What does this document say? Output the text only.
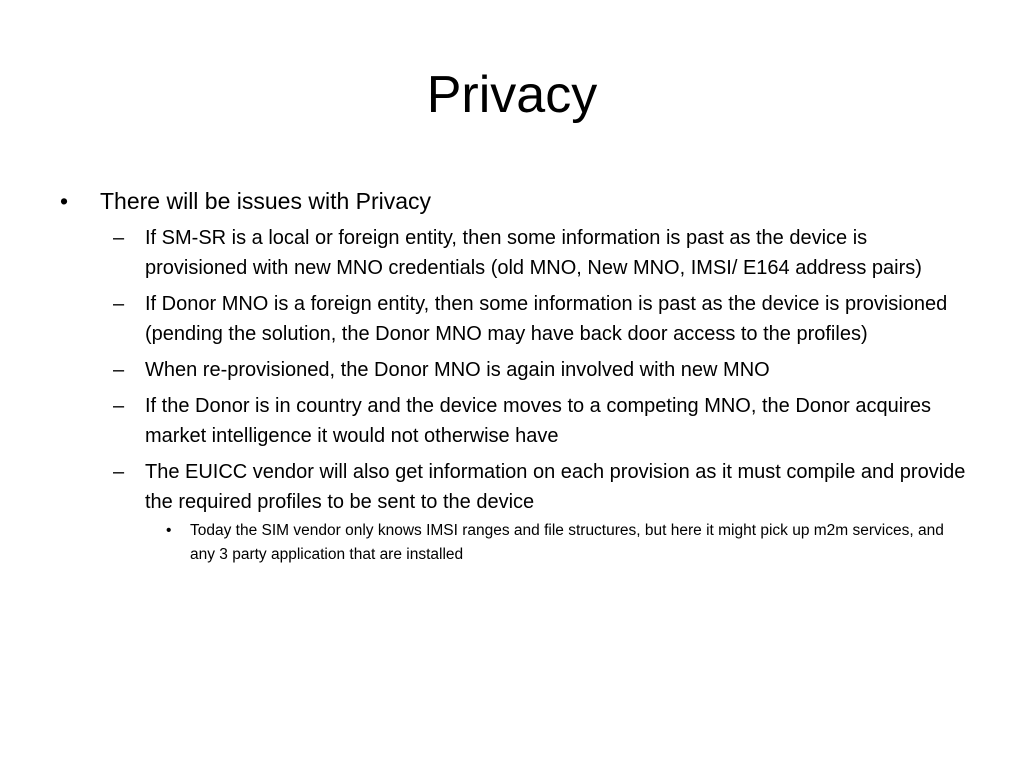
Privacy
•	There will be issues with Privacy
– If SM-SR is a local or foreign entity, then some information is past as the device is provisioned with new MNO credentials (old MNO, New MNO, IMSI/ E164 address pairs)
– If Donor MNO is a foreign entity, then some information is past as the device is provisioned (pending the solution, the Donor MNO may have back door access to the profiles)
– When re-provisioned, the Donor MNO is again involved with new MNO
– If the Donor is in country and the device moves to a competing MNO, the Donor acquires market intelligence it would not otherwise have
– The EUICC vendor will also get information on each provision as it must compile and provide the required profiles to be sent to the device
• Today the SIM vendor only knows IMSI ranges and file structures, but here it might pick up m2m services, and any 3 party application that are installed
